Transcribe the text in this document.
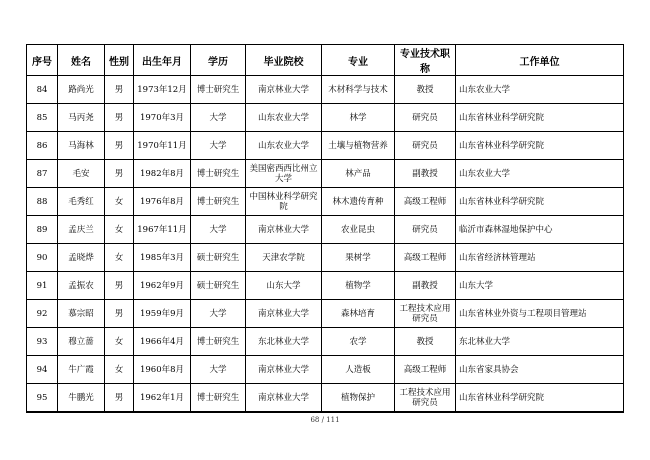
序号	姓名	性别	出生年月	学历	毕业院校	专业	专业技术职称	工作单位
84	路尚光	男	1973年12月	博士研究生	南京林业大学	木材科学与技术	教授	山东农业大学
85	马丙尧	男	1970年3月	大学	山东农业大学	林学	研究员	山东省林业科学研究院
86	马海林	男	1970年11月	大学	山东农业大学	土壤与植物营养	研究员	山东省林业科学研究院
87	毛安	男	1982年8月	博士研究生	美国密西西比州立大学	林产品	副教授	山东农业大学
88	毛秀红	女	1976年8月	博士研究生	中国林业科学研究院	林木遗传育种	高级工程师	山东省林业科学研究院
89	孟庆兰	女	1967年11月	大学	南京林业大学	农业昆虫	研究员	临沂市森林湿地保护中心
90	孟晓烨	女	1985年3月	硕士研究生	天津农学院	果树学	高级工程师	山东省经济林管理站
91	孟振农	男	1962年9月	硕士研究生	山东大学	植物学	副教授	山东大学
92	慕宗昭	男	1959年9月	大学	南京林业大学	森林培育	工程技术应用研究员	山东省林业外资与工程项目管理站
93	穆立蔷	女	1966年4月	博士研究生	东北林业大学	农学	教授	东北林业大学
94	牛广霞	女	1960年8月	大学	南京林业大学	人造板	高级工程师	山东省家具协会
95	牛鹏光	男	1962年1月	博士研究生	南京林业大学	植物保护	工程技术应用研究员	山东省林业科学研究院
68 / 111
